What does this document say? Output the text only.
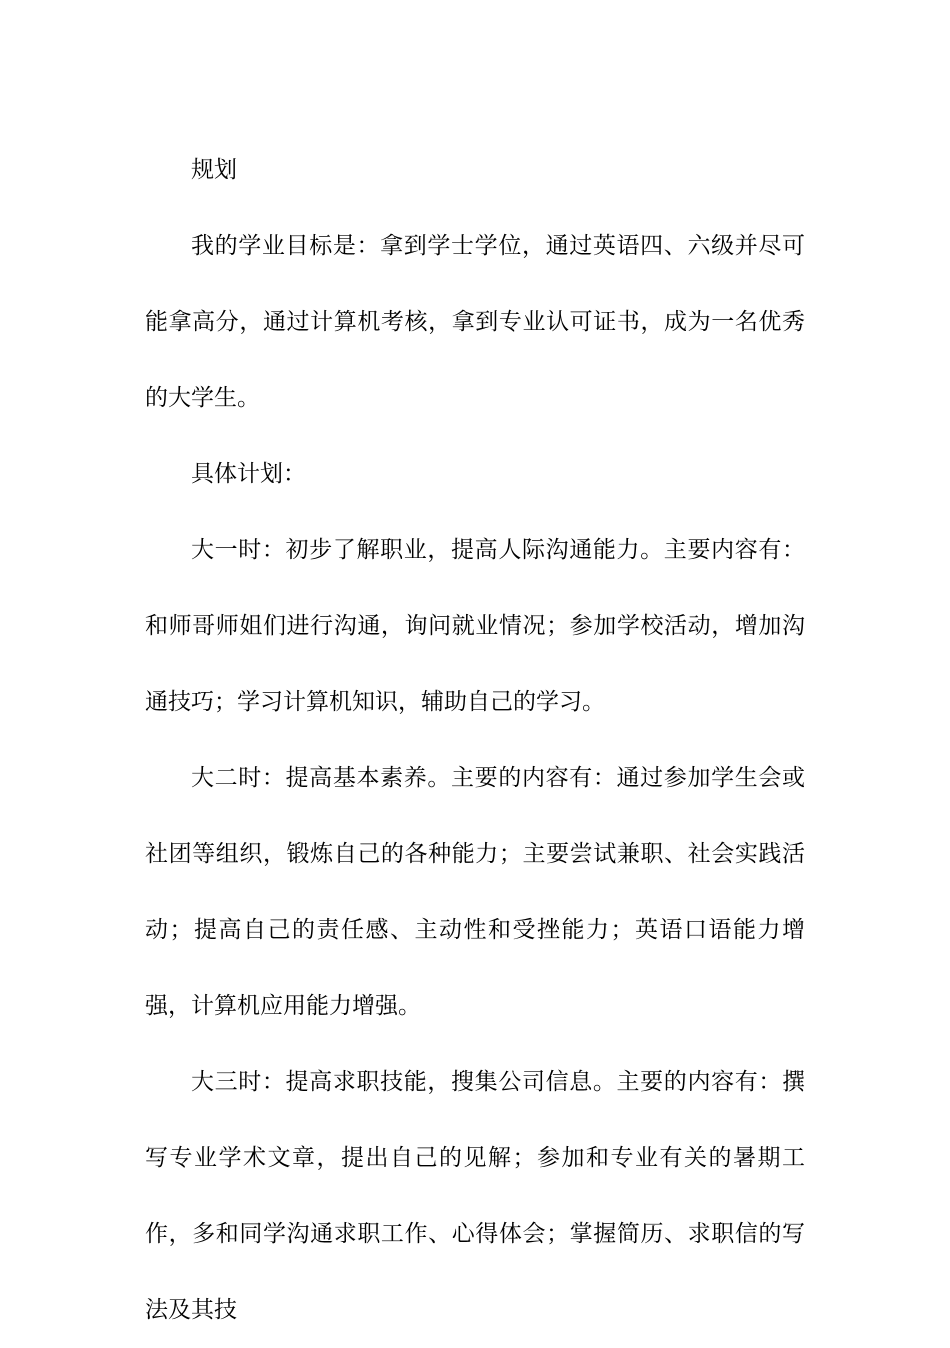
规划

我的学业目标是：拿到学士学位，通过英语四、六级并尽可能拿高分，通过计算机考核，拿到专业认可证书，成为一名优秀的大学生。

具体计划：

大一时：初步了解职业，提高人际沟通能力。主要内容有：和师哥师姐们进行沟通，询问就业情况；参加学校活动，增加沟通技巧；学习计算机知识，辅助自己的学习。

大二时：提高基本素养。主要的内容有：通过参加学生会或社团等组织，锻炼自己的各种能力；主要尝试兼职、社会实践活动；提高自己的责任感、主动性和受挫能力；英语口语能力增强，计算机应用能力增强。

大三时：提高求职技能，搜集公司信息。主要的内容有：撰写专业学术文章，提出自己的见解；参加和专业有关的暑期工作，多和同学沟通求职工作、心得体会；掌握简历、求职信的写法及其技
